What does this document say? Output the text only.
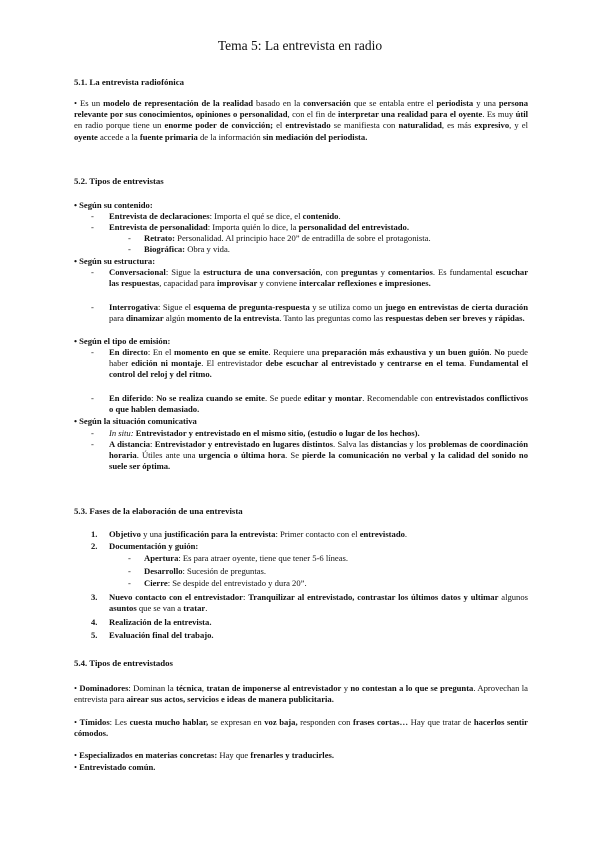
Tema 5: La entrevista en radio
5.1. La entrevista radiofónica
• Es un modelo de representación de la realidad basado en la conversación que se entabla entre el periodista y una persona relevante por sus conocimientos, opiniones o personalidad, con el fin de interpretar una realidad para el oyente. Es muy útil en radio porque tiene un enorme poder de convicción; el entrevistado se manifiesta con naturalidad, es más expresivo, y el oyente accede a la fuente primaria de la información sin mediación del periodista.
5.2. Tipos de entrevistas
• Según su contenido:
- Entrevista de declaraciones: Importa el qué se dice, el contenido.
- Entrevista de personalidad: Importa quién lo dice, la personalidad del entrevistado.
- Retrato: Personalidad. Al principio hace 20” de entradilla de sobre el protagonista.
- Biográfica: Obra y vida.
• Según su estructura:
- Conversacional: Sigue la estructura de una conversación, con preguntas y comentarios. Es fundamental escuchar las respuestas, capacidad para improvisar y conviene intercalar reflexiones e impresiones.
- Interrogativa: Sigue el esquema de pregunta-respuesta y se utiliza como un juego en entrevistas de cierta duración para dinamizar algún momento de la entrevista. Tanto las preguntas como las respuestas deben ser breves y rápidas.
• Según el tipo de emisión:
- En directo: En el momento en que se emite. Requiere una preparación más exhaustiva y un buen guión. No puede haber edición ni montaje. El entrevistador debe escuchar al entrevistado y centrarse en el tema. Fundamental el control del reloj y del ritmo.
- En diferido: No se realiza cuando se emite. Se puede editar y montar. Recomendable con entrevistados conflictivos o que hablen demasiado.
• Según la situación comunicativa
- In situ: Entrevistador y entrevistado en el mismo sitio, (estudio o lugar de los hechos).
- A distancia: Entrevistador y entrevistado en lugares distintos. Salva las distancias y los problemas de coordinación horaria. Útiles ante una urgencia o última hora. Se pierde la comunicación no verbal y la calidad del sonido no suele ser óptima.
5.3. Fases de la elaboración de una entrevista
1. Objetivo y una justificación para la entrevista: Primer contacto con el entrevistado.
2. Documentación y guión:
- Apertura: Es para atraer oyente, tiene que tener 5-6 líneas.
- Desarrollo: Sucesión de preguntas.
- Cierre: Se despide del entrevistado y dura 20”.
3. Nuevo contacto con el entrevistador: Tranquilizar al entrevistado, contrastar los últimos datos y ultimar algunos asuntos que se van a tratar.
4. Realización de la entrevista.
5. Evaluación final del trabajo.
5.4. Tipos de entrevistados
• Dominadores: Dominan la técnica, tratan de imponerse al entrevistador y no contestan a lo que se pregunta. Aprovechan la entrevista para airear sus actos, servicios e ideas de manera publicitaria.
• Tímidos: Les cuesta mucho hablar, se expresan en voz baja, responden con frases cortas… Hay que tratar de hacerlos sentir cómodos.
• Especializados en materias concretas: Hay que frenarles y traducirles.
• Entrevistado común.
